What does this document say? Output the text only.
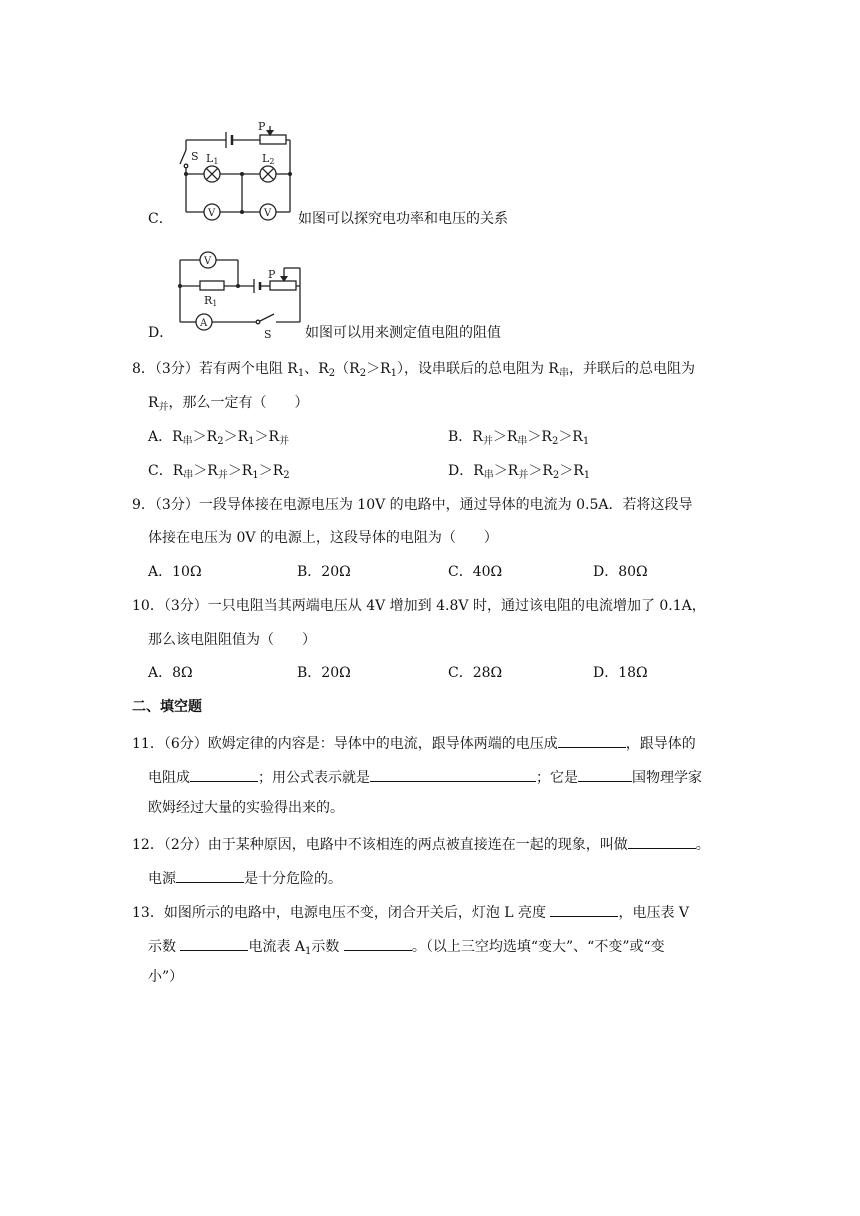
P
S L1	L2
V	V
C．	如图可以探究电功率和电压的关系
V
P
R1
A
S
D．	如图可以用来测定值电阻的阻值
8．（3分）若有两个电阻 $R_1$、$R_2(R_2>R_1)$，设串联后的总电阻为 $R_串$，并联后的总电阻为
$R_并$，那么一定有（　　）
A．$R_串>R_2>R_1>R_并$	B．$R_并>R_串>R_2>R_1$
C．$R_串>R_并>R_1>R_2$	D．$R_串>R_并>R_2>R_1$
9．（3分）一段导体接在电源电压为 10V 的电路中，通过导体的电流为 0.5A．若将这段导
体接在电压为 0V 的电源上，这段导体的电阻为（　　）
A．10Ω	B．20Ω	C．40Ω	D．80Ω
10．（3分）一只电阻当其两端电压从 4V 增加到 4.8V 时，通过该电阻的电流增加了 0.1A，
那么该电阻阻值为（　　）
A．8Ω	B．20Ω	C．28Ω	D．18Ω
二、填空题
11．（6分）欧姆定律的内容是：导体中的电流，跟导体两端的电压成	，跟导体的
电阻成	；用公式表示就是	；它是	国物理学家
欧姆经过大量的实验得出来的。
12．（2分）由于某种原因，电路中不该相连的两点被直接连在一起的现象，叫做	。
电源	是十分危险的。
13．如图所示的电路中，电源电压不变，闭合开关后，灯泡 L 亮度	，电压表 V
示数	电流表 $A_1$示数	。（以上三空均选填“变大”、“不变”或“变
小”）
